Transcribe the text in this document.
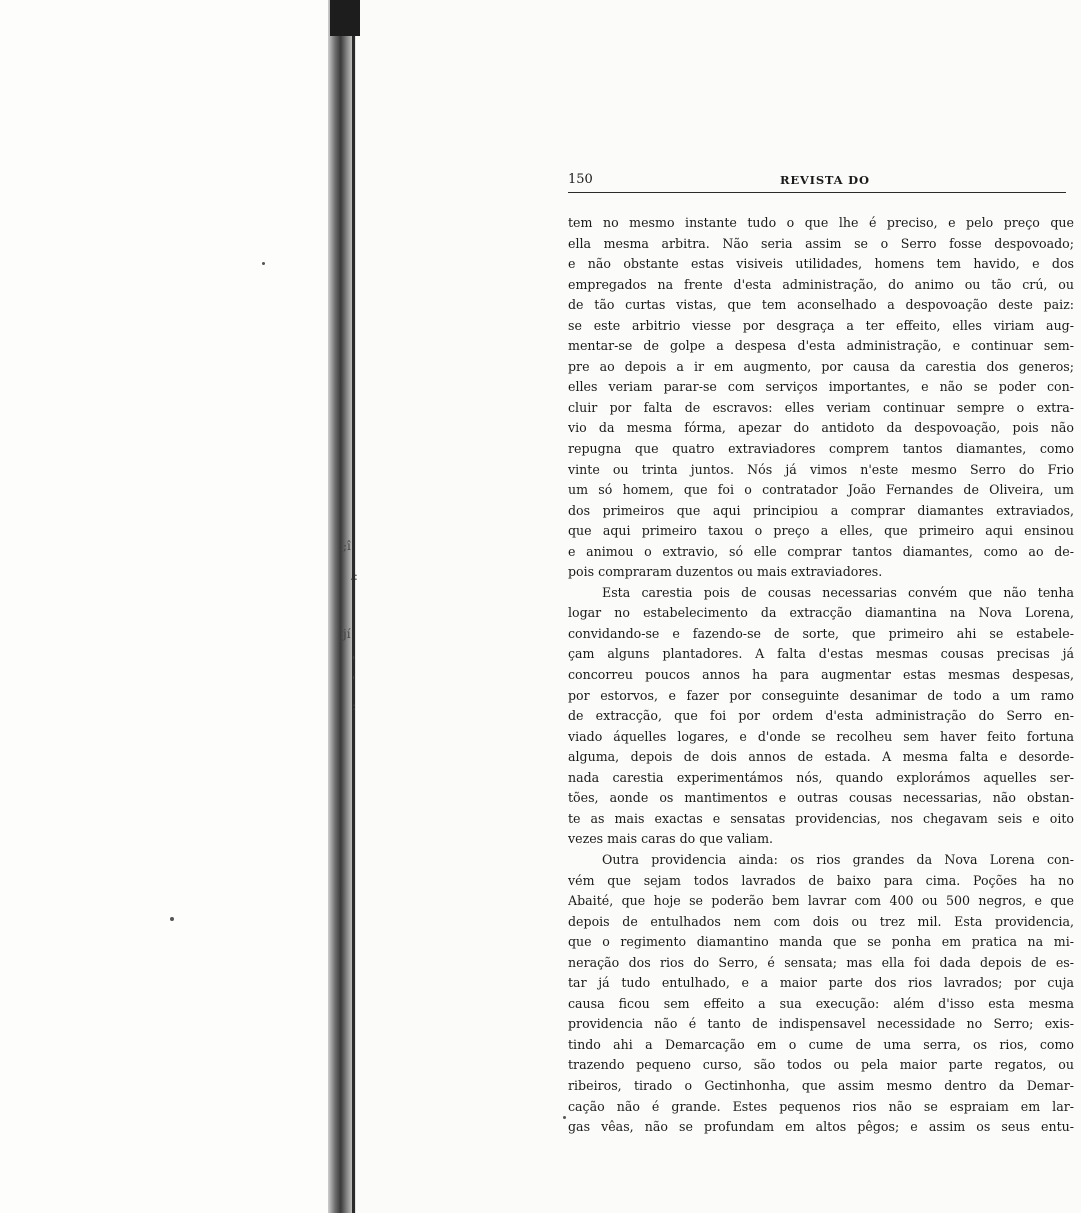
;î
.:
jí
'
'
:
150	REVISTA DO
tem no mesmo instante tudo o que lhe é preciso, e pelo preço que
ella mesma arbitra. Não seria assim se o Serro fosse despovoado;
e não obstante estas visiveis utilidades, homens tem havido, e dos
empregados na frente d'esta administração, do animo ou tão crú, ou
de tão curtas vistas, que tem aconselhado a despovoação deste paiz:
se este arbitrio viesse por desgraça a ter effeito, elles viriam aug-
mentar-se de golpe a despesa d'esta administração, e continuar sem-
pre ao depois a ir em augmento, por causa da carestia dos generos;
elles veriam parar-se com serviços importantes, e não se poder con-
cluir por falta de escravos: elles veriam continuar sempre o extra-
vio da mesma fórma, apezar do antidoto da despovoação, pois não
repugna que quatro extraviadores comprem tantos diamantes, como
vinte ou trinta juntos. Nós já vimos n'este mesmo Serro do Frio
um só homem, que foi o contratador João Fernandes de Oliveira, um
dos primeiros que aqui principiou a comprar diamantes extraviados,
que aqui primeiro taxou o preço a elles, que primeiro aqui ensinou
e animou o extravio, só elle comprar tantos diamantes, como ao de-
pois compraram duzentos ou mais extraviadores.
Esta carestia pois de cousas necessarias convém que não tenha
logar no estabelecimento da extracção diamantina na Nova Lorena,
convidando-se e fazendo-se de sorte, que primeiro ahi se estabele-
çam alguns plantadores. A falta d'estas mesmas cousas precisas já
concorreu poucos annos ha para augmentar estas mesmas despesas,
por estorvos, e fazer por conseguinte desanimar de todo a um ramo
de extracção, que foi por ordem d'esta administração do Serro en-
viado áquelles logares, e d'onde se recolheu sem haver feito fortuna
alguma, depois de dois annos de estada. A mesma falta e desorde-
nada carestia experimentámos nós, quando explorámos aquelles ser-
tões, aonde os mantimentos e outras cousas necessarias, não obstan-
te as mais exactas e sensatas providencias, nos chegavam seis e oito
vezes mais caras do que valiam.
Outra providencia ainda: os rios grandes da Nova Lorena con-
vém que sejam todos lavrados de baixo para cima. Poções ha no
Abaité, que hoje se poderão bem lavrar com 400 ou 500 negros, e que
depois de entulhados nem com dois ou trez mil. Esta providencia,
que o regimento diamantino manda que se ponha em pratica na mi-
neração dos rios do Serro, é sensata; mas ella foi dada depois de es-
tar já tudo entulhado, e a maior parte dos rios lavrados; por cuja
causa ficou sem effeito a sua execução: além d'isso esta mesma
providencia não é tanto de indispensavel necessidade no Serro; exis-
tindo ahi a Demarcação em o cume de uma serra, os rios, como
trazendo pequeno curso, são todos ou pela maior parte regatos, ou
ribeiros, tirado o Gectinhonha, que assim mesmo dentro da Demar-
cação não é grande. Estes pequenos rios não se espraiam em lar-
gas vêas, não se profundam em altos pêgos; e assim os seus entu-
